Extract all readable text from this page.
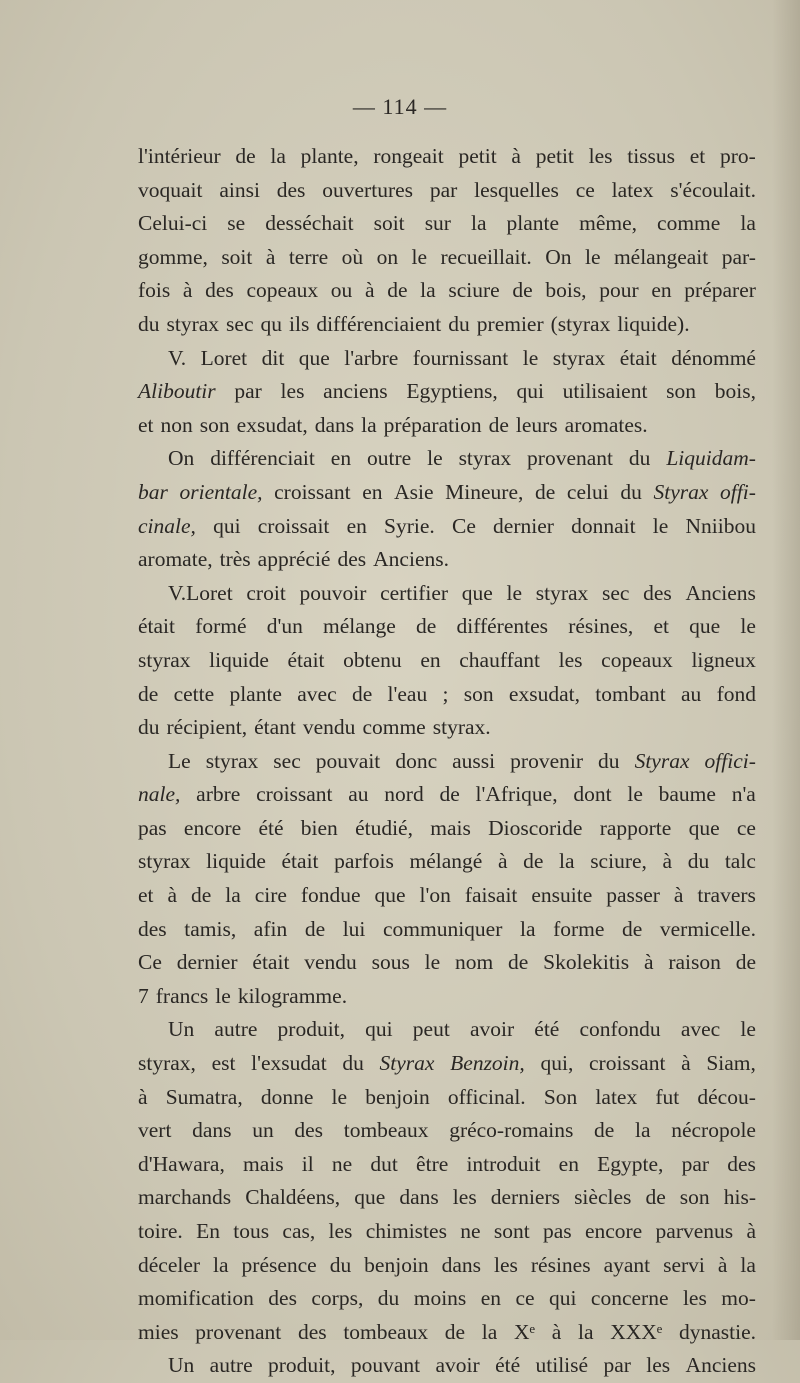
— 114 —
l'intérieur de la plante, rongeait petit à petit les tissus et pro-
voquait ainsi des ouvertures par lesquelles ce latex s'écoulait.
Celui-ci se desséchait soit sur la plante même, comme la
gomme, soit à terre où on le recueillait. On le mélangeait par-
fois à des copeaux ou à de la sciure de bois, pour en préparer
du styrax sec qu ils différenciaient du premier (styrax liquide).
V. Loret dit que l'arbre fournissant le styrax était dénommé
Aliboutir par les anciens Egyptiens, qui utilisaient son bois,
et non son exsudat, dans la préparation de leurs aromates.
On différenciait en outre le styrax provenant du Liquidam-
bar orientale, croissant en Asie Mineure, de celui du Styrax offi-
cinale, qui croissait en Syrie. Ce dernier donnait le Nniibou
aromate, très apprécié des Anciens.
V.Loret croit pouvoir certifier que le styrax sec des Anciens
était formé d'un mélange de différentes résines, et que le
styrax liquide était obtenu en chauffant les copeaux ligneux
de cette plante avec de l'eau ; son exsudat, tombant au fond
du récipient, étant vendu comme styrax.
Le styrax sec pouvait donc aussi provenir du Styrax offici-
nale, arbre croissant au nord de l'Afrique, dont le baume n'a
pas encore été bien étudié, mais Dioscoride rapporte que ce
styrax liquide était parfois mélangé à de la sciure, à du talc
et à de la cire fondue que l'on faisait ensuite passer à travers
des tamis, afin de lui communiquer la forme de vermicelle.
Ce dernier était vendu sous le nom de Skolekitis à raison de
7 francs le kilogramme.
Un autre produit, qui peut avoir été confondu avec le
styrax, est l'exsudat du Styrax Benzoin, qui, croissant à Siam,
à Sumatra, donne le benjoin officinal. Son latex fut décou-
vert dans un des tombeaux gréco-romains de la nécropole
d'Hawara, mais il ne dut être introduit en Egypte, par des
marchands Chaldéens, que dans les derniers siècles de son his-
toire. En tous cas, les chimistes ne sont pas encore parvenus à
déceler la présence du benjoin dans les résines ayant servi à la
momification des corps, du moins en ce qui concerne les mo-
mies provenant des tombeaux de la Xᵉ à la XXXᵉ dynastie.
Un autre produit, pouvant avoir été utilisé par les Anciens
